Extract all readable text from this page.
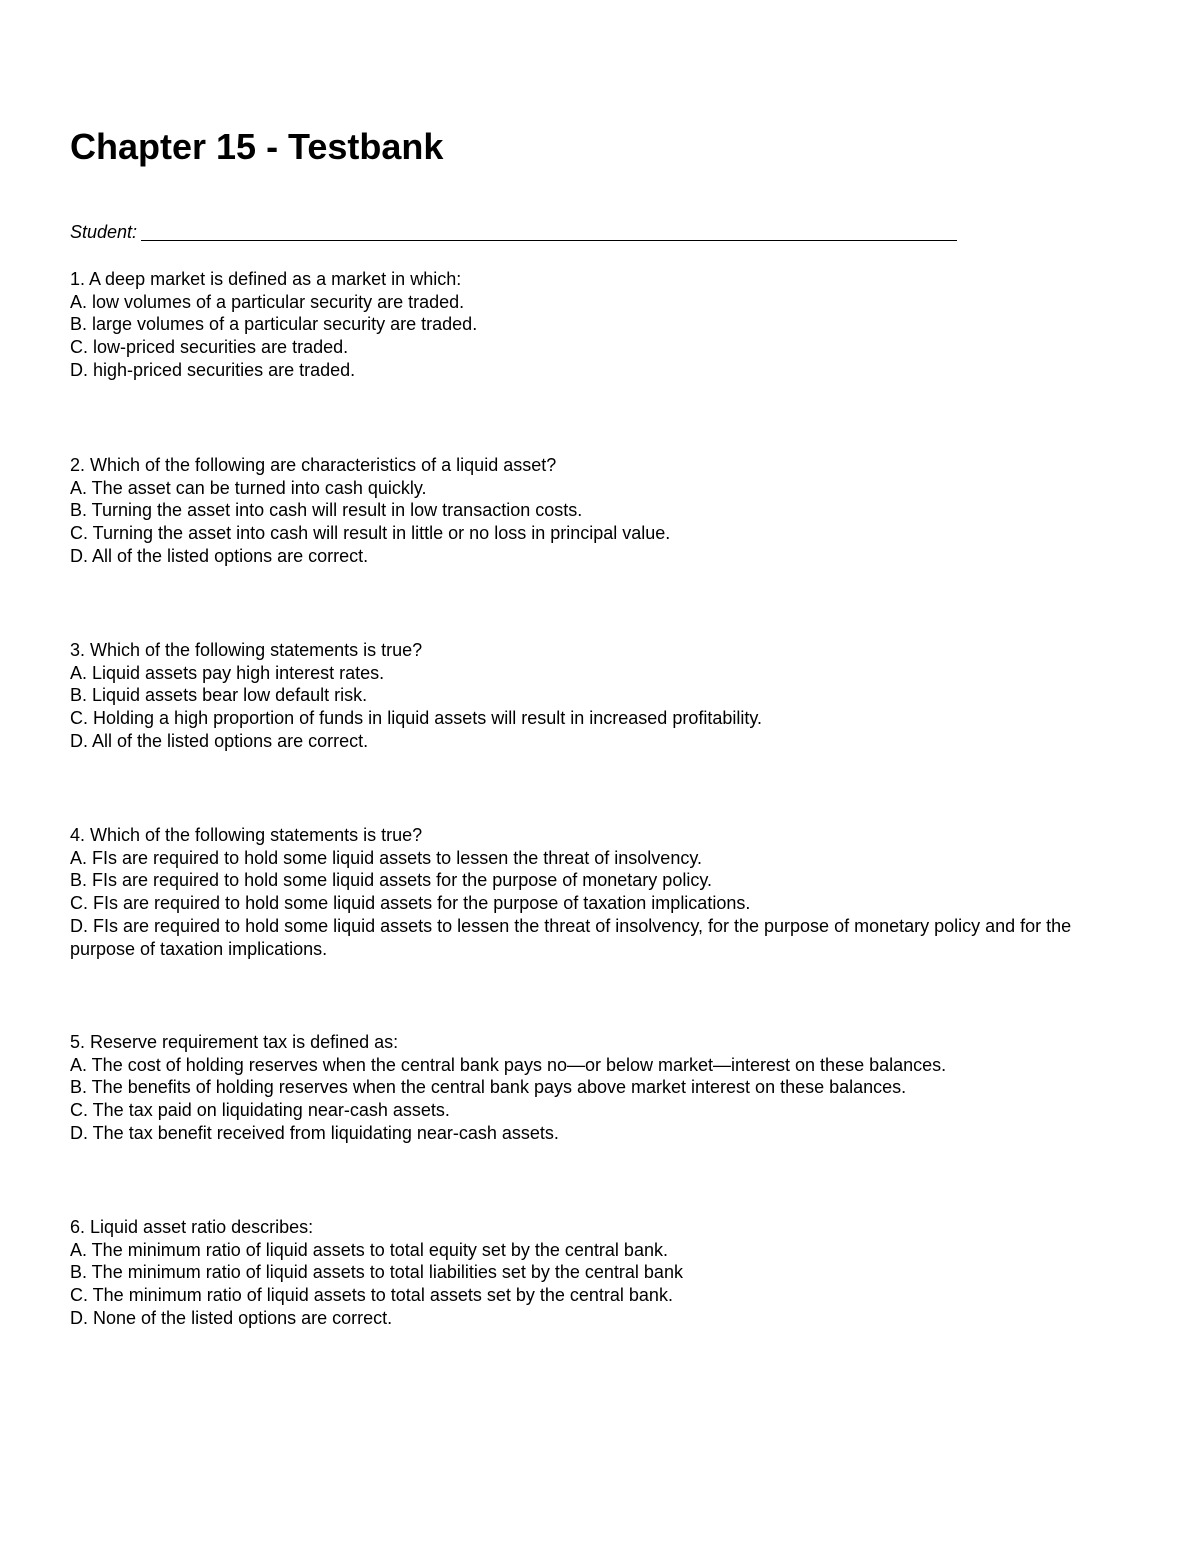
Chapter 15 - Testbank
Student:
1. A deep market is defined as a market in which:
A. low volumes of a particular security are traded.
B. large volumes of a particular security are traded.
C. low-priced securities are traded.
D. high-priced securities are traded.
2. Which of the following are characteristics of a liquid asset?
A. The asset can be turned into cash quickly.
B. Turning the asset into cash will result in low transaction costs.
C. Turning the asset into cash will result in little or no loss in principal value.
D. All of the listed options are correct.
3. Which of the following statements is true?
A. Liquid assets pay high interest rates.
B. Liquid assets bear low default risk.
C. Holding a high proportion of funds in liquid assets will result in increased profitability.
D. All of the listed options are correct.
4. Which of the following statements is true?
A. FIs are required to hold some liquid assets to lessen the threat of insolvency.
B. FIs are required to hold some liquid assets for the purpose of monetary policy.
C. FIs are required to hold some liquid assets for the purpose of taxation implications.
D. FIs are required to hold some liquid assets to lessen the threat of insolvency, for the purpose of monetary policy and for the purpose of taxation implications.
5. Reserve requirement tax is defined as:
A. The cost of holding reserves when the central bank pays no—or below market—interest on these balances.
B. The benefits of holding reserves when the central bank pays above market interest on these balances.
C. The tax paid on liquidating near-cash assets.
D. The tax benefit received from liquidating near-cash assets.
6. Liquid asset ratio describes:
A. The minimum ratio of liquid assets to total equity set by the central bank.
B. The minimum ratio of liquid assets to total liabilities set by the central bank
C. The minimum ratio of liquid assets to total assets set by the central bank.
D. None of the listed options are correct.
